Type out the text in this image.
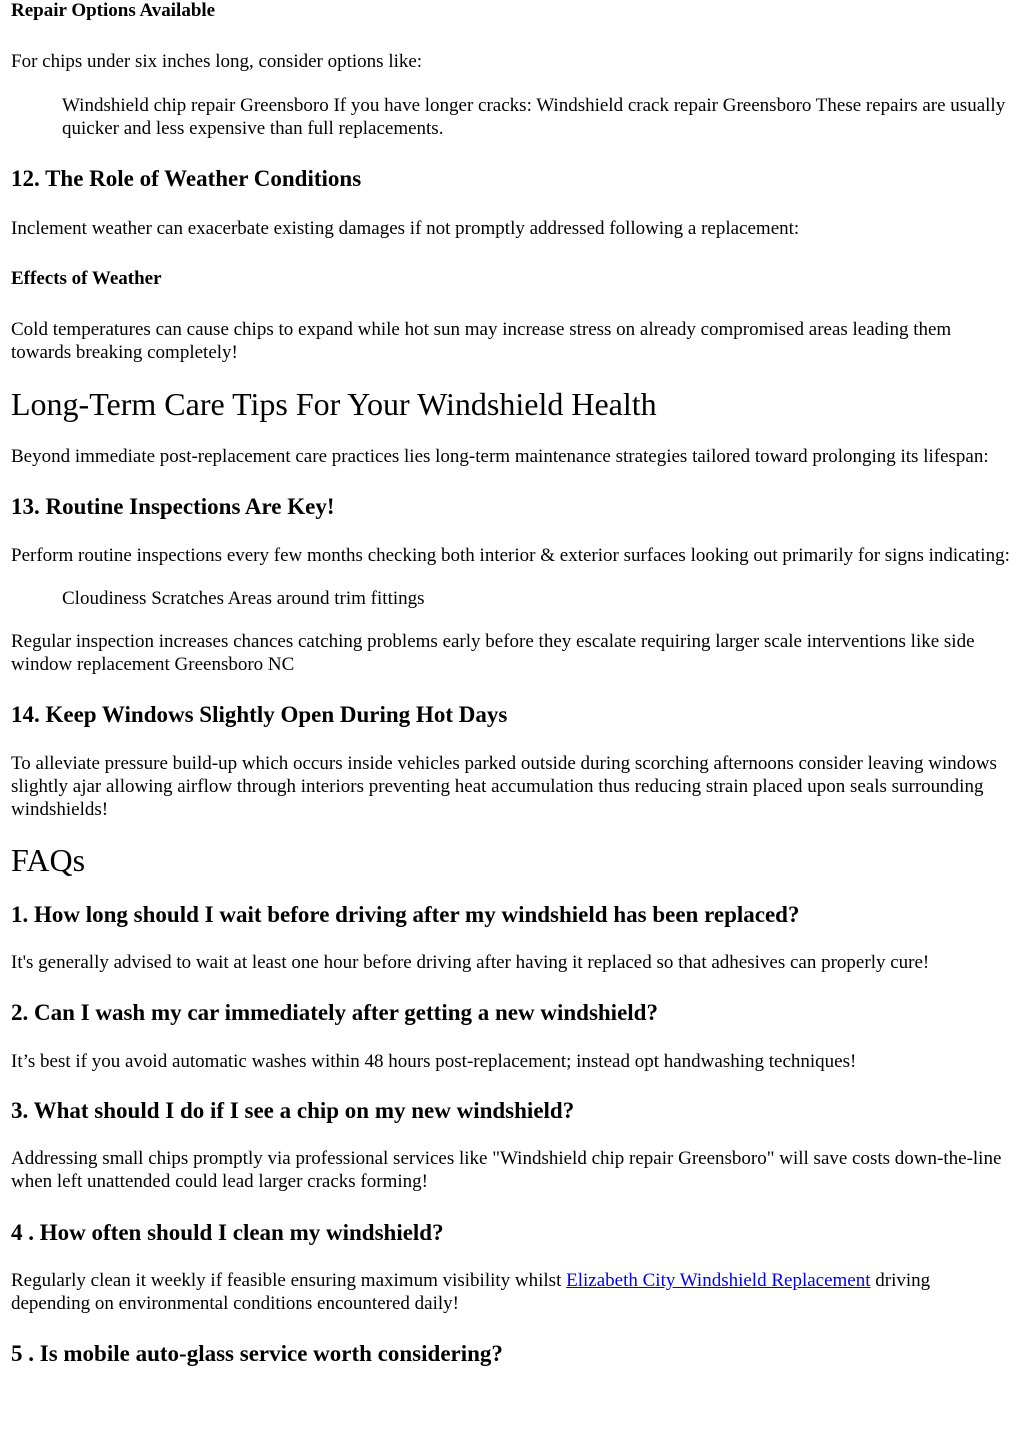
Repair Options Available

For chips under six inches long, consider options like:

Windshield chip repair Greensboro If you have longer cracks: Windshield crack repair Greensboro These repairs are usually quicker and less expensive than full replacements.
12. The Role of Weather Conditions

Inclement weather can exacerbate existing damages if not promptly addressed following a replacement:

Effects of Weather

Cold temperatures can cause chips to expand while hot sun may increase stress on already compromised areas leading them towards breaking completely!

Long-Term Care Tips For Your Windshield Health

Beyond immediate post-replacement care practices lies long-term maintenance strategies tailored toward prolonging its lifespan:

13. Routine Inspections Are Key!

Perform routine inspections every few months checking both interior & exterior surfaces looking out primarily for signs indicating:

Cloudiness Scratches Areas around trim fittings

Regular inspection increases chances catching problems early before they escalate requiring larger scale interventions like side window replacement Greensboro NC

14. Keep Windows Slightly Open During Hot Days

To alleviate pressure build-up which occurs inside vehicles parked outside during scorching afternoons consider leaving windows slightly ajar allowing airflow through interiors preventing heat accumulation thus reducing strain placed upon seals surrounding windshields!

FAQs
1. How long should I wait before driving after my windshield has been replaced?

It's generally advised to wait at least one hour before driving after having it replaced so that adhesives can properly cure!

2. Can I wash my car immediately after getting a new windshield?

It’s best if you avoid automatic washes within 48 hours post-replacement; instead opt handwashing techniques!

3. What should I do if I see a chip on my new windshield?

Addressing small chips promptly via professional services like "Windshield chip repair Greensboro" will save costs down-the-line when left unattended could lead larger cracks forming!

4 . How often should I clean my windshield?

Regularly clean it weekly if feasible ensuring maximum visibility whilst Elizabeth City Windshield Replacement driving depending on environmental conditions encountered daily!

5 . Is mobile auto-glass service worth considering?
